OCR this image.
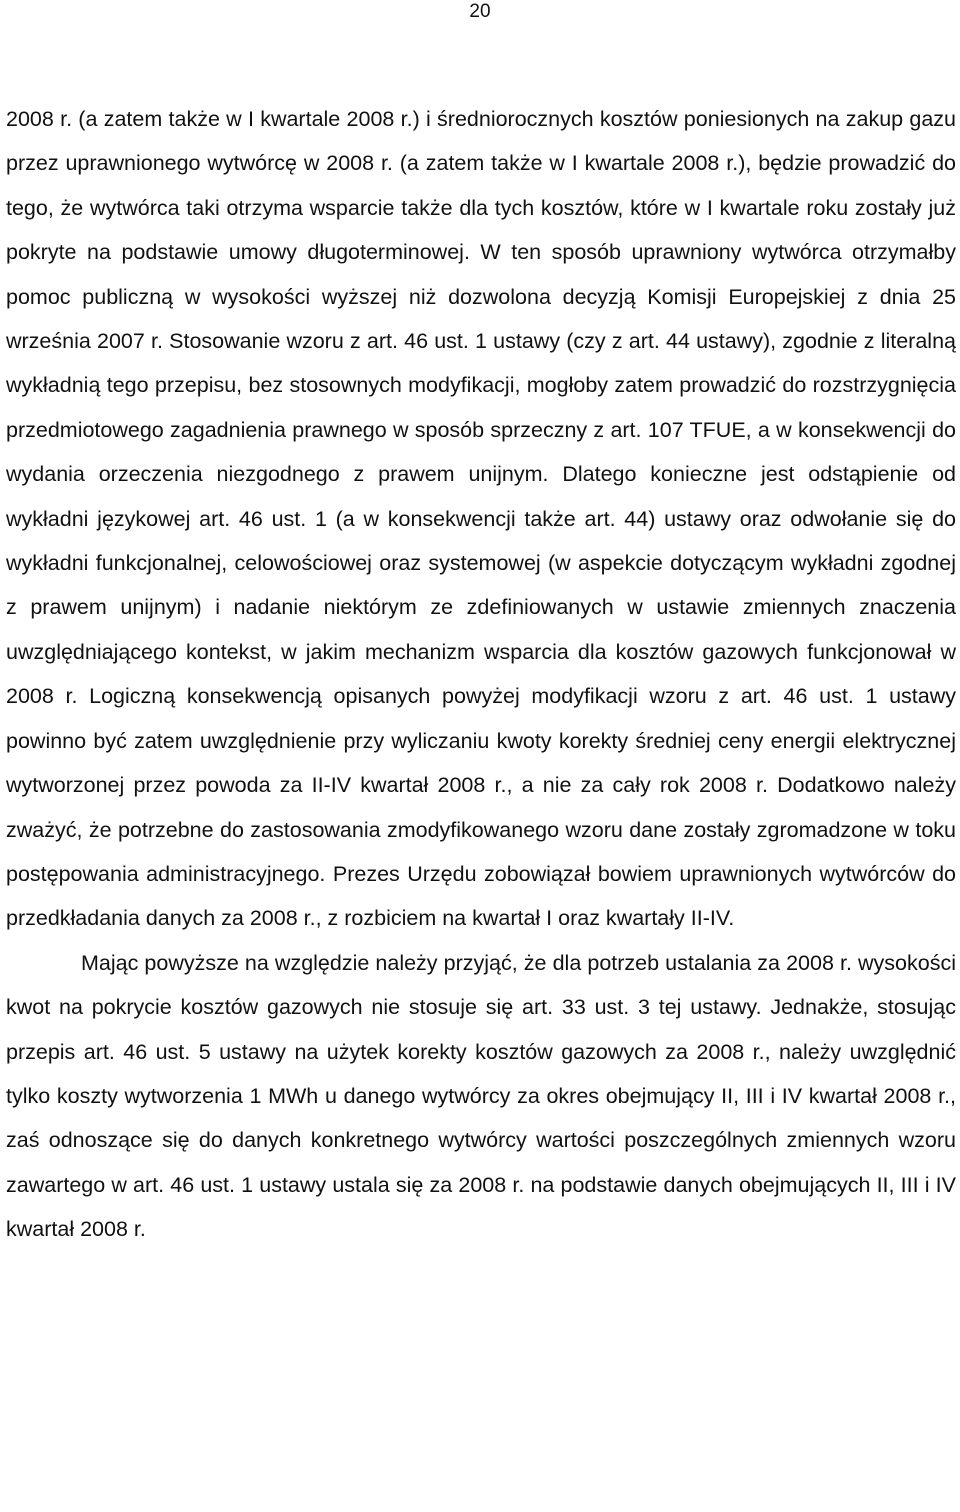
20

2008 r. (a zatem także w I kwartale 2008 r.) i średniorocznych kosztów poniesionych na zakup gazu przez uprawnionego wytwórcę w 2008 r. (a zatem także w I kwartale 2008 r.), będzie prowadzić do tego, że wytwórca taki otrzyma wsparcie także dla tych kosztów, które w I kwartale roku zostały już pokryte na podstawie umowy długoterminowej. W ten sposób uprawniony wytwórca otrzymałby pomoc publiczną w wysokości wyższej niż dozwolona decyzją Komisji Europejskiej z dnia 25 września 2007 r. Stosowanie wzoru z art. 46 ust. 1 ustawy (czy z art. 44 ustawy), zgodnie z literalną wykładnią tego przepisu, bez stosownych modyfikacji, mogłoby zatem prowadzić do rozstrzygnięcia przedmiotowego zagadnienia prawnego w sposób sprzeczny z art. 107 TFUE, a w konsekwencji do wydania orzeczenia niezgodnego z prawem unijnym. Dlatego konieczne jest odstąpienie od wykładni językowej art. 46 ust. 1 (a w konsekwencji także art. 44) ustawy oraz odwołanie się do wykładni funkcjonalnej, celowościowej oraz systemowej (w aspekcie dotyczącym wykładni zgodnej z prawem unijnym) i nadanie niektórym ze zdefiniowanych w ustawie zmiennych znaczenia uwzględniającego kontekst, w jakim mechanizm wsparcia dla kosztów gazowych funkcjonował w 2008 r. Logiczną konsekwencją opisanych powyżej modyfikacji wzoru z art. 46 ust. 1 ustawy powinno być zatem uwzględnienie przy wyliczaniu kwoty korekty średniej ceny energii elektrycznej wytworzonej przez powoda za II-IV kwartał 2008 r., a nie za cały rok 2008 r. Dodatkowo należy zważyć, że potrzebne do zastosowania zmodyfikowanego wzoru dane zostały zgromadzone w toku postępowania administracyjnego. Prezes Urzędu zobowiązał bowiem uprawnionych wytwórców do przedkładania danych za 2008 r., z rozbiciem na kwartał I oraz kwartały II-IV.

Mając powyższe na względzie należy przyjąć, że dla potrzeb ustalania za 2008 r. wysokości kwot na pokrycie kosztów gazowych nie stosuje się art. 33 ust. 3 tej ustawy. Jednakże, stosując przepis art. 46 ust. 5 ustawy na użytek korekty kosztów gazowych za 2008 r., należy uwzględnić tylko koszty wytworzenia 1 MWh u danego wytwórcy za okres obejmujący II, III i IV kwartał 2008 r., zaś odnoszące się do danych konkretnego wytwórcy wartości poszczególnych zmiennych wzoru zawartego w art. 46 ust. 1 ustawy ustala się za 2008 r. na podstawie danych obejmujących II, III i IV kwartał 2008 r.
